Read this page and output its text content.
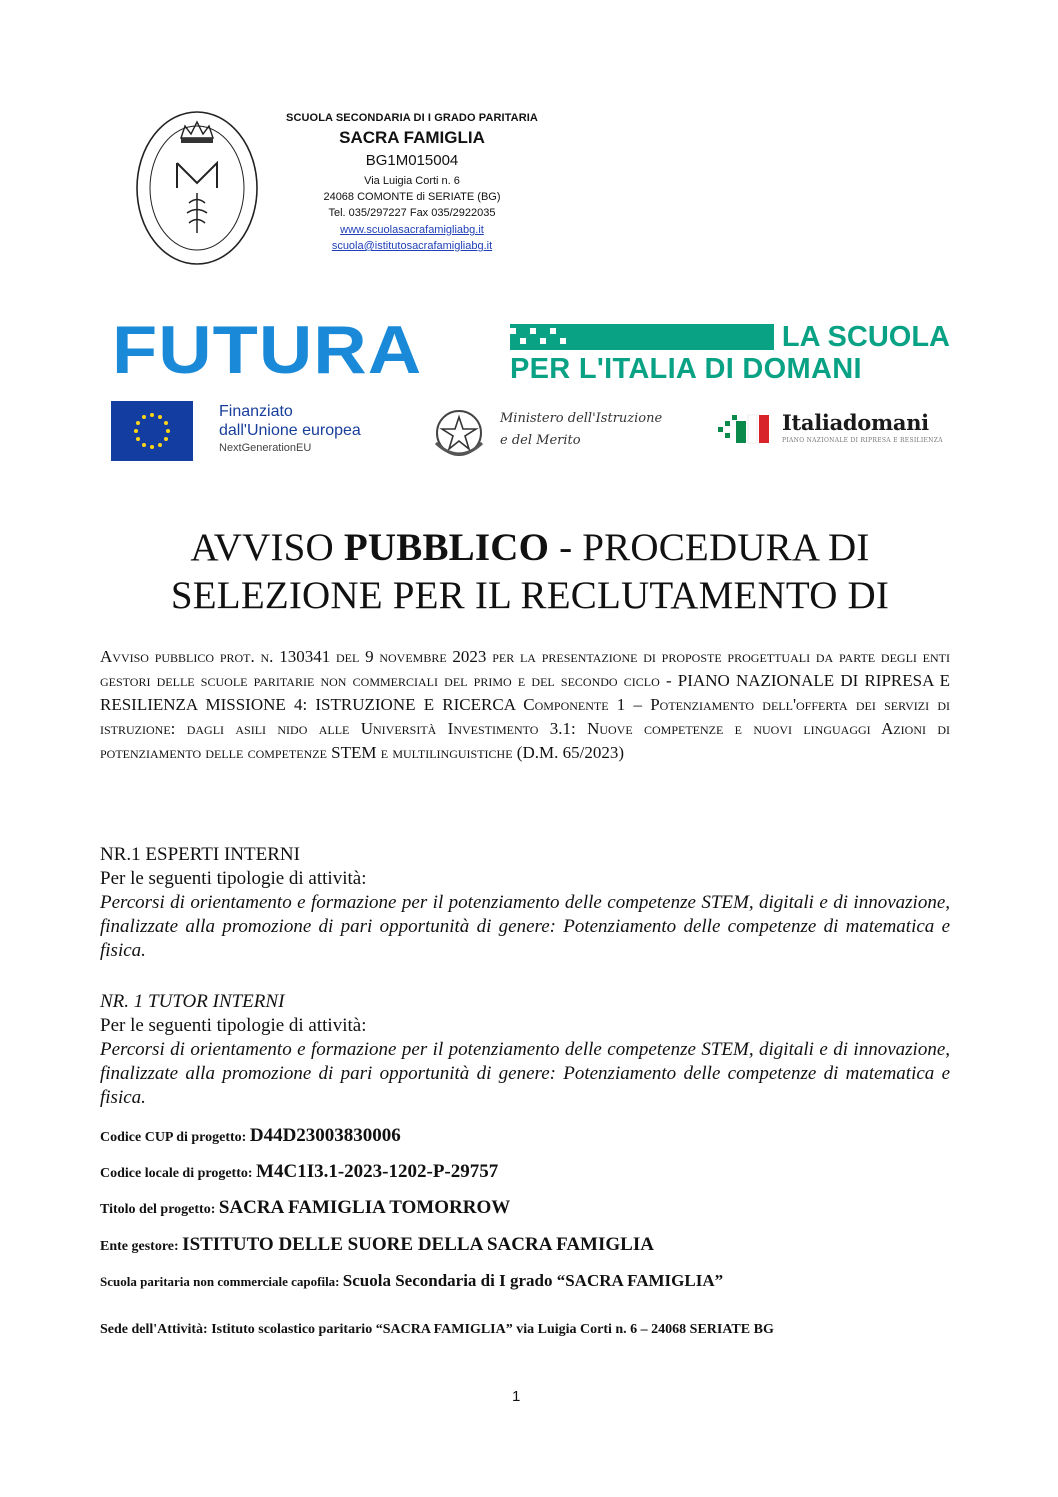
SCUOLA SECONDARIA DI I GRADO PARITARIA
SACRA FAMIGLIA
BG1M015004
Via Luigia Corti n. 6
24068 COMONTE di SERIATE (BG)
Tel. 035/297227 Fax 035/2922035
www.scuolasacrafamigliabg.it
scuola@istitutosacrafamigliabg.it
FUTURA	LA SCUOLA
PER L'ITALIA DI DOMANI
Finanziato
dall'Unione europea
NextGenerationEU
Ministero dell'Istruzione
e del Merito
Italiadomani
PIANO NAZIONALE DI RIPRESA E RESILIENZA
AVVISO PUBBLICO - PROCEDURA DI
SELEZIONE PER IL RECLUTAMENTO DI
Avviso pubblico prot. n. 130341 del 9 novembre 2023 per la presentazione di proposte progettuali da parte degli enti gestori delle scuole paritarie non commerciali del primo e del secondo ciclo - PIANO NAZIONALE DI RIPRESA E RESILIENZA MISSIONE 4: ISTRUZIONE E RICERCA Componente 1 – Potenziamento dell'offerta dei servizi di istruzione: dagli asili nido alle Università Investimento 3.1: Nuove competenze e nuovi linguaggi Azioni di potenziamento delle competenze STEM e multilinguistiche (D.M. 65/2023)
NR.1 ESPERTI INTERNI
Per le seguenti tipologie di attività:
Percorsi di orientamento e formazione per il potenziamento delle competenze STEM, digitali e di innovazione, finalizzate alla promozione di pari opportunità di genere: Potenziamento delle competenze di matematica e fisica.
NR. 1 TUTOR INTERNI
Per le seguenti tipologie di attività:
Percorsi di orientamento e formazione per il potenziamento delle competenze STEM, digitali e di innovazione, finalizzate alla promozione di pari opportunità di genere: Potenziamento delle competenze di matematica e fisica.
Codice CUP di progetto: D44D23003830006
Codice locale di progetto: M4C1I3.1-2023-1202-P-29757
Titolo del progetto: SACRA FAMIGLIA TOMORROW
Ente gestore: ISTITUTO DELLE SUORE DELLA SACRA FAMIGLIA
Scuola paritaria non commerciale capofila: Scuola Secondaria di I grado “SACRA FAMIGLIA”
Sede dell'Attività: Istituto scolastico paritario “SACRA FAMIGLIA” via Luigia Corti n. 6 – 24068 SERIATE BG
1
